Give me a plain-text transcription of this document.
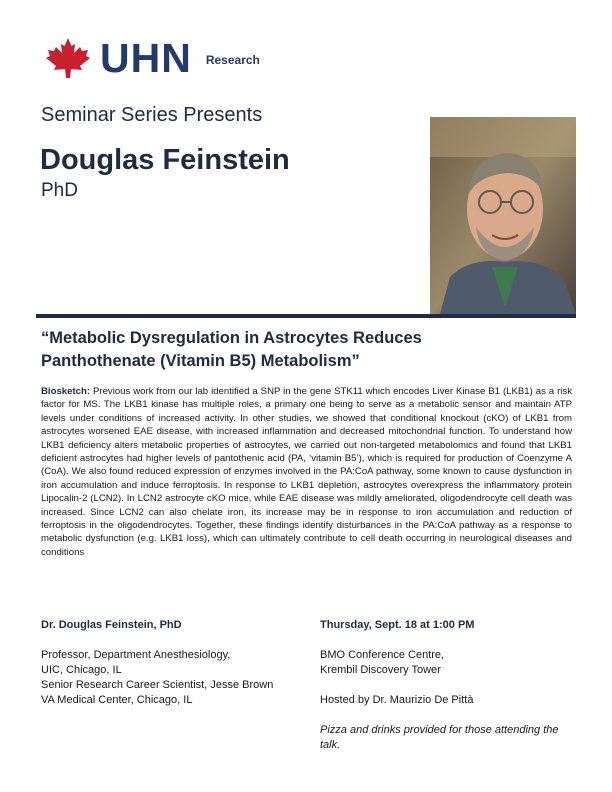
UHN Research
Seminar Series Presents
Douglas Feinstein
PhD
“Metabolic Dysregulation in Astrocytes Reduces
Panthothenate (Vitamin B5) Metabolism”
Biosketch: Previous work from our lab identified a SNP in the gene STK11 which encodes Liver Kinase B1 (LKB1) as a risk factor for MS. The LKB1 kinase has multiple roles, a primary one being to serve as a metabolic sensor and maintain ATP levels under conditions of increased activity. In other studies, we showed that conditional knockout (cKO) of LKB1 from astrocytes worsened EAE disease, with increased inflammation and decreased mitochondrial function. To understand how LKB1 deficiency alters metabolic properties of astrocytes, we carried out non-targeted metabolomics and found that LKB1 deficient astrocytes had higher levels of pantothenic acid (PA, ‘vitamin B5’), which is required for production of Coenzyme A (CoA). We also found reduced expression of enzymes involved in the PA:CoA pathway, some known to cause dysfunction in iron accumulation and induce ferroptosis. In response to LKB1 depletion, astrocytes overexpress the inflammatory protein Lipocalin-2 (LCN2). In LCN2 astrocyte cKO mice, while EAE disease was mildly ameliorated, oligodendrocyte cell death was increased. Since LCN2 can also chelate iron, its increase may be in response to iron accumulation and reduction of ferroptosis in the oligodendrocytes. Together, these findings identify disturbances in the PA:CoA pathway as a response to metabolic dysfunction (e.g. LKB1 loss), which can ultimately contribute to cell death occurring in neurological diseases and conditions
Dr. Douglas Feinstein, PhD
Professor, Department Anesthesiology,
UIC, Chicago, IL
Senior Research Career Scientist, Jesse Brown
VA Medical Center, Chicago, IL
Thursday, Sept. 18 at 1:00 PM
BMO Conference Centre,
Krembil Discovery Tower
Hosted by Dr. Maurizio De Pittà
Pizza and drinks provided for those attending the talk.
